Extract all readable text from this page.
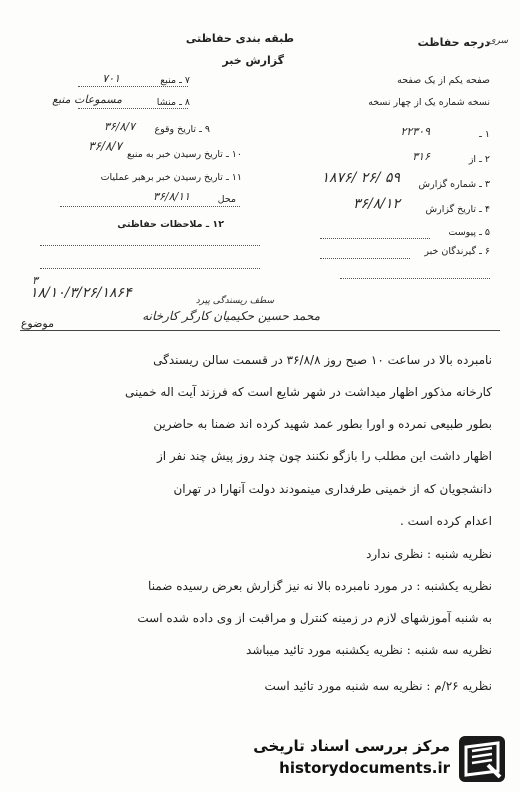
درجه حفاظت
سری
طبقه بندی حفاظتی
گزارش خبر
۷ ـ منبع
۷۰۱
۸ ـ منشا
مسموعات منبع
۹ ـ تاریخ وقوع
۳۶/۸/۷
۱۰ ـ تاریخ رسیدن خبر به منبع
۳۶/۸/۷
۱۱ ـ تاریخ رسیدن خبر برهبر عملیات
محل
۳۶/۸/۱۱
۱۲ ـ ملاحظات حفاظتی
صفحه یکم از یک صفحه
نسخه شماره یک از چهار نسخه
۱ ـ
۲۲۳۰۹
۲ ـ از
۳۱۶
۳ ـ شماره گزارش
۱۸۷۶/ ۲۶/ ۵۹
۴ ـ تاریخ گزارش
۳۶/۸/۱۲
۵ ـ پیوست
۶ ـ گیرندگان خبر
۳
۱۸/۱۰/۳/۲۶/۱۸۶۴	سطف ریسندگی پیرد
موضوع
محمد حسین حکیمیان کارگر کارخانه
نامبرده بالا در ساعت ۱۰ صبح روز ۳۶/۸/۸ در قسمت سالن ریسندگی
کارخانه مذکور اظهار میداشت در شهر شایع است که فرزند آیت اله خمینی
بطور طبیعی نمرده و اورا بطور عمد شهید کرده اند ضمنا به حاضرین
اظهار داشت این مطلب را بازگو نکنند چون چند روز پیش چند نفر از
دانشجویان که از خمینی طرفداری مینمودند دولت آنهارا در تهران
اعدام کرده است .
نظریه شنبه : نظری ندارد
نظریه یکشنبه : در مورد نامبرده بالا نه نیز گزارش بعرض رسیده ضمنا
به شنبه آموزشهای لازم در زمینه کنترل و مراقبت از وی داده شده است
نظریه سه شنبه : نظریه یکشنبه مورد تائید میباشد
نظریه ۲۶/م : نظریه سه شنبه مورد تائید است
مرکز بررسی اسناد تاریخی
historydocuments.ir
